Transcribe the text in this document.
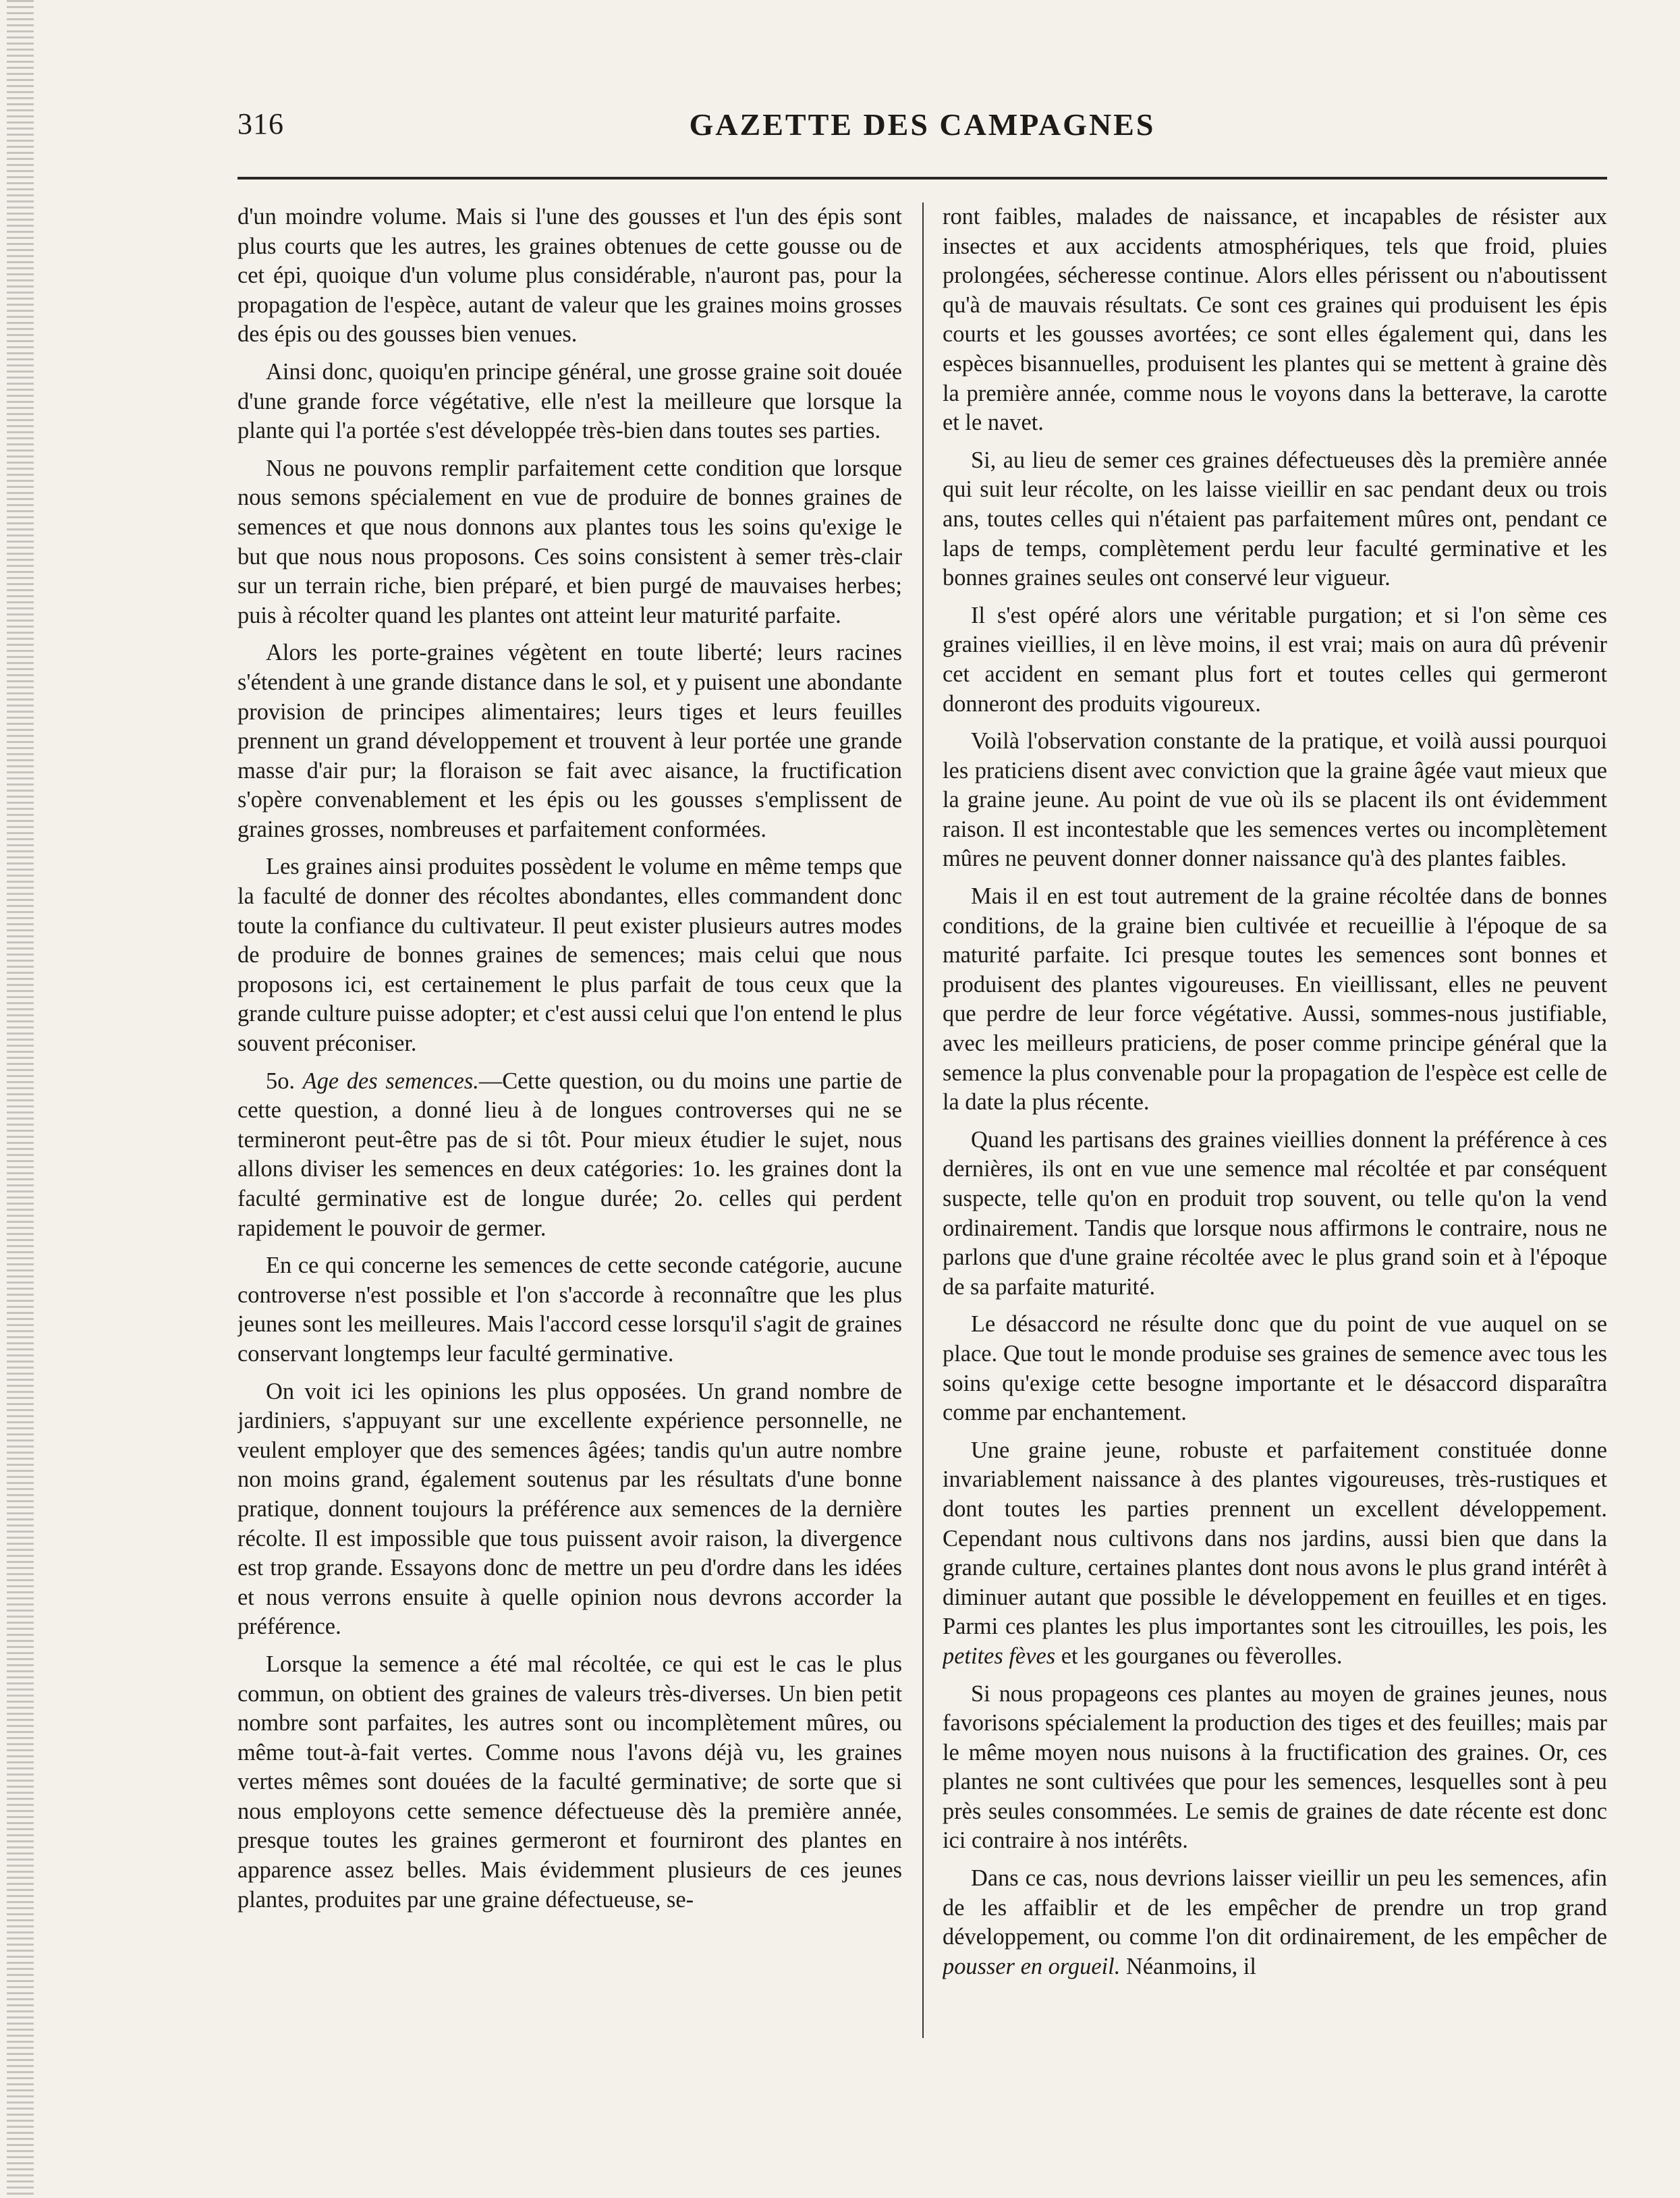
316	GAZETTE DES CAMPAGNES

d'un moindre volume. Mais si l'une des gousses et l'un des épis sont plus courts que les autres, les graines obtenues de cette gousse ou de cet épi, quoique d'un volume plus considérable, n'auront pas, pour la propagation de l'espèce, autant de valeur que les graines moins grosses des épis ou des gousses bien venues.

Ainsi donc, quoiqu'en principe général, une grosse graine soit douée d'une grande force végétative, elle n'est la meilleure que lorsque la plante qui l'a portée s'est développée très-bien dans toutes ses parties.

Nous ne pouvons remplir parfaitement cette condition que lorsque nous semons spécialement en vue de produire de bonnes graines de semences et que nous donnons aux plantes tous les soins qu'exige le but que nous nous proposons. Ces soins consistent à semer très-clair sur un terrain riche, bien préparé, et bien purgé de mauvaises herbes; puis à récolter quand les plantes ont atteint leur maturité parfaite.

Alors les porte-graines végètent en toute liberté; leurs racines s'étendent à une grande distance dans le sol, et y puisent une abondante provision de principes alimentaires; leurs tiges et leurs feuilles prennent un grand développement et trouvent à leur portée une grande masse d'air pur; la floraison se fait avec aisance, la fructification s'opère convenablement et les épis ou les gousses s'emplissent de graines grosses, nombreuses et parfaitement conformées.

Les graines ainsi produites possèdent le volume en même temps que la faculté de donner des récoltes abondantes, elles commandent donc toute la confiance du cultivateur. Il peut exister plusieurs autres modes de produire de bonnes graines de semences; mais celui que nous proposons ici, est certainement le plus parfait de tous ceux que la grande culture puisse adopter; et c'est aussi celui que l'on entend le plus souvent préconiser.

5o. Age des semences.—Cette question, ou du moins une partie de cette question, a donné lieu à de longues controverses qui ne se termineront peut-être pas de si tôt. Pour mieux étudier le sujet, nous allons diviser les semences en deux catégories: 1o. les graines dont la faculté germinative est de longue durée; 2o. celles qui perdent rapidement le pouvoir de germer.

En ce qui concerne les semences de cette seconde catégorie, aucune controverse n'est possible et l'on s'accorde à reconnaître que les plus jeunes sont les meilleures. Mais l'accord cesse lorsqu'il s'agit de graines conservant longtemps leur faculté germinative.

On voit ici les opinions les plus opposées. Un grand nombre de jardiniers, s'appuyant sur une excellente expérience personnelle, ne veulent employer que des semences âgées; tandis qu'un autre nombre non moins grand, également soutenus par les résultats d'une bonne pratique, donnent toujours la préférence aux semences de la dernière récolte. Il est impossible que tous puissent avoir raison, la divergence est trop grande. Essayons donc de mettre un peu d'ordre dans les idées et nous verrons ensuite à quelle opinion nous devrons accorder la préférence.

Lorsque la semence a été mal récoltée, ce qui est le cas le plus commun, on obtient des graines de valeurs très-diverses. Un bien petit nombre sont parfaites, les autres sont ou incomplètement mûres, ou même tout-à-fait vertes. Comme nous l'avons déjà vu, les graines vertes mêmes sont douées de la faculté germinative; de sorte que si nous employons cette semence défectueuse dès la première année, presque toutes les graines germeront et fourniront des plantes en apparence assez belles. Mais évidemment plusieurs de ces jeunes plantes, produites par une graine défectueuse, se-

ront faibles, malades de naissance, et incapables de résister aux insectes et aux accidents atmosphériques, tels que froid, pluies prolongées, sécheresse continue. Alors elles périssent ou n'aboutissent qu'à de mauvais résultats. Ce sont ces graines qui produisent les épis courts et les gousses avortées; ce sont elles également qui, dans les espèces bisannuelles, produisent les plantes qui se mettent à graine dès la première année, comme nous le voyons dans la betterave, la carotte et le navet.

Si, au lieu de semer ces graines défectueuses dès la première année qui suit leur récolte, on les laisse vieillir en sac pendant deux ou trois ans, toutes celles qui n'étaient pas parfaitement mûres ont, pendant ce laps de temps, complètement perdu leur faculté germinative et les bonnes graines seules ont conservé leur vigueur.

Il s'est opéré alors une véritable purgation; et si l'on sème ces graines vieillies, il en lève moins, il est vrai; mais on aura dû prévenir cet accident en semant plus fort et toutes celles qui germeront donneront des produits vigoureux.

Voilà l'observation constante de la pratique, et voilà aussi pourquoi les praticiens disent avec conviction que la graine âgée vaut mieux que la graine jeune. Au point de vue où ils se placent ils ont évidemment raison. Il est incontestable que les semences vertes ou incomplètement mûres ne peuvent donner donner naissance qu'à des plantes faibles.

Mais il en est tout autrement de la graine récoltée dans de bonnes conditions, de la graine bien cultivée et recueillie à l'époque de sa maturité parfaite. Ici presque toutes les semences sont bonnes et produisent des plantes vigoureuses. En vieillissant, elles ne peuvent que perdre de leur force végétative. Aussi, sommes-nous justifiable, avec les meilleurs praticiens, de poser comme principe général que la semence la plus convenable pour la propagation de l'espèce est celle de la date la plus récente.

Quand les partisans des graines vieillies donnent la préférence à ces dernières, ils ont en vue une semence mal récoltée et par conséquent suspecte, telle qu'on en produit trop souvent, ou telle qu'on la vend ordinairement. Tandis que lorsque nous affirmons le contraire, nous ne parlons que d'une graine récoltée avec le plus grand soin et à l'époque de sa parfaite maturité.

Le désaccord ne résulte donc que du point de vue auquel on se place. Que tout le monde produise ses graines de semence avec tous les soins qu'exige cette besogne importante et le désaccord disparaîtra comme par enchantement.

Une graine jeune, robuste et parfaitement constituée donne invariablement naissance à des plantes vigoureuses, très-rustiques et dont toutes les parties prennent un excellent développement. Cependant nous cultivons dans nos jardins, aussi bien que dans la grande culture, certaines plantes dont nous avons le plus grand intérêt à diminuer autant que possible le développement en feuilles et en tiges. Parmi ces plantes les plus importantes sont les citrouilles, les pois, les petites fèves et les gourganes ou fèverolles.

Si nous propageons ces plantes au moyen de graines jeunes, nous favorisons spécialement la production des tiges et des feuilles; mais par le même moyen nous nuisons à la fructification des graines. Or, ces plantes ne sont cultivées que pour les semences, lesquelles sont à peu près seules consommées. Le semis de graines de date récente est donc ici contraire à nos intérêts.

Dans ce cas, nous devrions laisser vieillir un peu les semences, afin de les affaiblir et de les empêcher de prendre un trop grand développement, ou comme l'on dit ordinairement, de les empêcher de pousser en orgueil. Néanmoins, il
